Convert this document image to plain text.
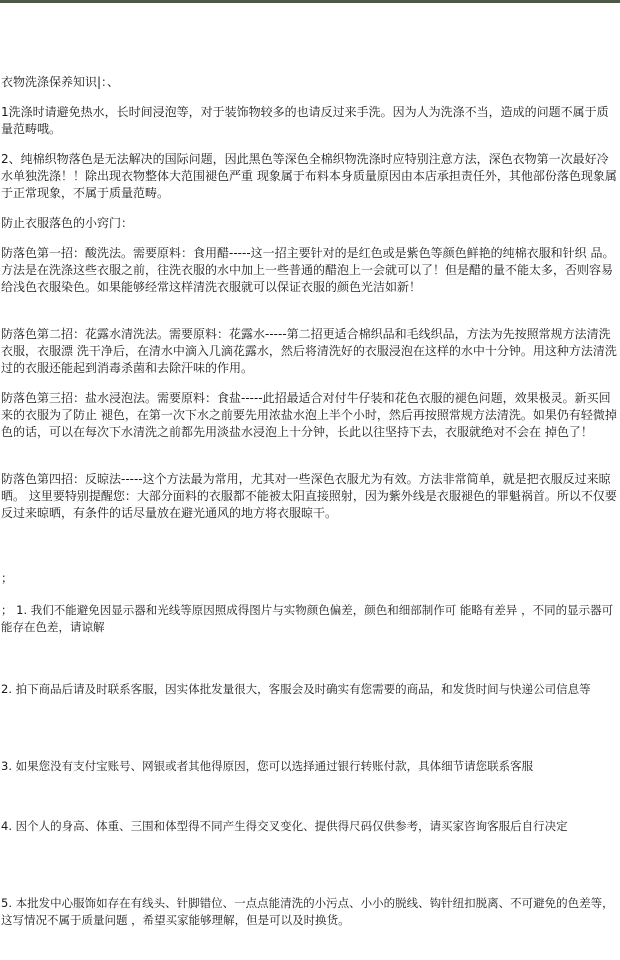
衣物洗涤保养知识|：、

1洗涤时请避免热水，长时间浸泡等，对于装饰物较多的也请反过来手洗。因为人为洗涤不当，造成的问题不属于质量范畴哦。

2、纯棉织物落色是无法解决的国际问题，因此黑色等深色全棉织物洗涤时应特别注意方法，深色衣物第一次最好冷水单独洗涤！！除出现衣物整体大范围褪色严重 现象属于布料本身质量原因由本店承担责任外，其他部份落色现象属于正常现象，不属于质量范畴。

防止衣服落色的小窍门：

防落色第一招：酸洗法。需要原料：食用醋-----这一招主要针对的是红色或是紫色等颜色鲜艳的纯棉衣服和针织 品。方法是在洗涤这些衣服之前，往洗衣服的水中加上一些普通的醋泡上一会就可以了！但是醋的量不能太多，否则容易给浅色衣服染色。如果能够经常这样清洗衣服就可以保证衣服的颜色光洁如新！

防落色第二招：花露水清洗法。需要原料：花露水-----第二招更适合棉织品和毛线织品，方法为先按照常规方法清洗衣服，衣服漂 洗干净后，在清水中滴入几滴花露水，然后将清洗好的衣服浸泡在这样的水中十分钟。用这种方法清洗过的衣服还能起到消毒杀菌和去除汗味的作用。

防落色第三招：盐水浸泡法。需要原料：食盐-----此招最适合对付牛仔装和花色衣服的褪色问题，效果极灵。新买回来的衣服为了防止 褪色，在第一次下水之前要先用浓盐水泡上半个小时，然后再按照常规方法清洗。如果仍有轻微掉色的话，可以在每次下水清洗之前都先用淡盐水浸泡上十分钟，长此以往坚持下去，衣服就绝对不会在 掉色了！

防落色第四招：反晾法-----这个方法最为常用，尤其对一些深色衣服尤为有效。方法非常简单，就是把衣服反过来晾晒。 这里要特别提醒您：大部分面料的衣服都不能被太阳直接照射，因为紫外线是衣服褪色的罪魁祸首。所以不仅要反过来晾晒，有条件的话尽量放在避光通风的地方将衣服晾干。

；

； 1. 我们不能避免因显示器和光线等原因照成得图片与实物颜色偏差，颜色和细部制作可 能略有差异 ，不同的显示器可能存在色差，请谅解

2. 拍下商品后请及时联系客服，因实体批发量很大，客服会及时确实有您需要的商品，和发货时间与快递公司信息等

3. 如果您没有支付宝账号、网银或者其他得原因，您可以选择通过银行转账付款，具体细节请您联系客服

4. 因个人的身高、体重、三围和体型得不同产生得交叉变化、提供得尺码仅供参考，请买家咨询客服后自行决定

5. 本批发中心服饰如存在有线头、针脚错位、一点点能清洗的小污点、小小的脱线、钩针纽扣脱离、不可避免的色差等，这写情况不属于质量问题 ，希望买家能够理解，但是可以及时换货。
